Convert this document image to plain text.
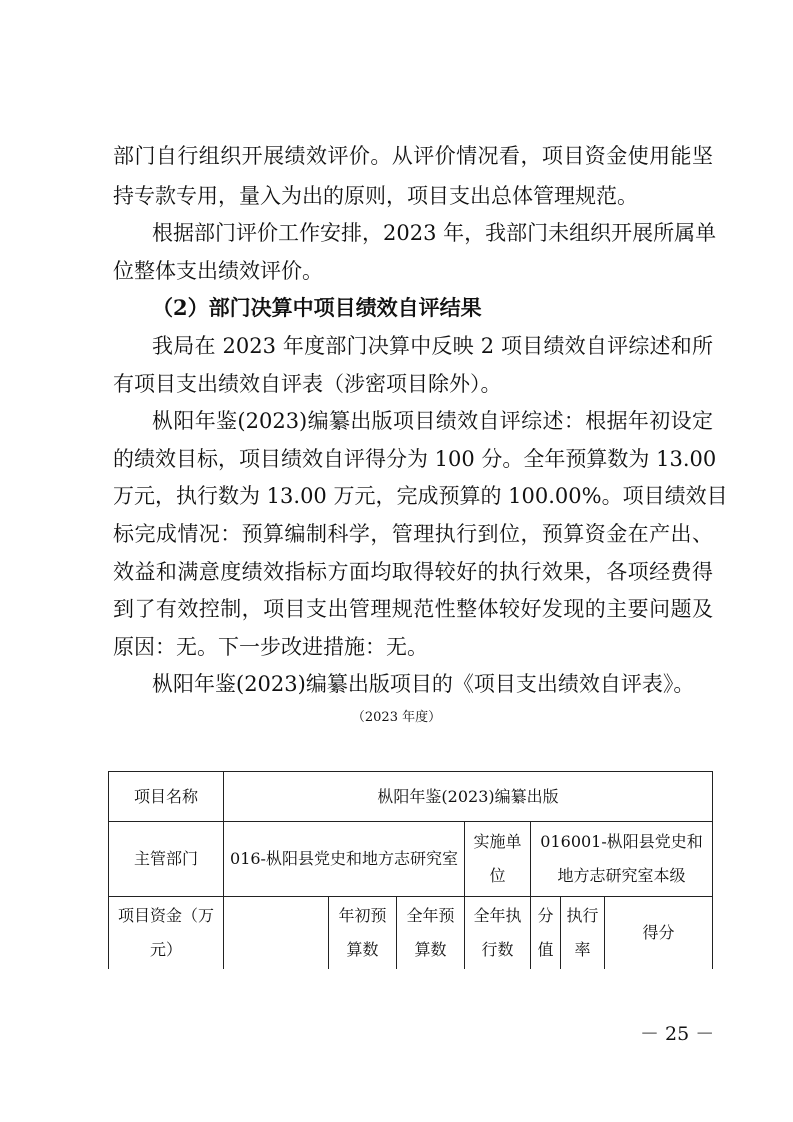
部门自行组织开展绩效评价。从评价情况看，项目资金使用能坚
持专款专用，量入为出的原则，项目支出总体管理规范。
根据部门评价工作安排，2023 年，我部门未组织开展所属单
位整体支出绩效评价。
（2）部门决算中项目绩效自评结果
我局在 2023 年度部门决算中反映 2 项目绩效自评综述和所
有项目支出绩效自评表（涉密项目除外）。
枞阳年鉴(2023)编纂出版项目绩效自评综述：根据年初设定
的绩效目标，项目绩效自评得分为 100 分。全年预算数为 13.00
万元，执行数为 13.00 万元，完成预算的 100.00%。项目绩效目
标完成情况：预算编制科学，管理执行到位，预算资金在产出、
效益和满意度绩效指标方面均取得较好的执行效果，各项经费得
到了有效控制，项目支出管理规范性整体较好发现的主要问题及
原因：无。下一步改进措施：无。
枞阳年鉴(2023)编纂出版项目的《项目支出绩效自评表》。
（2023 年度）
项目名称	枞阳年鉴(2023)编纂出版						
主管部门	016-枞阳县党史和地方志研究室			实施单位	016001-枞阳县党史和地方志研究室本级		
项目资金（万元）		年初预算数	全年预算数	全年执行数	分值	执行率	得分
－ 25 －
